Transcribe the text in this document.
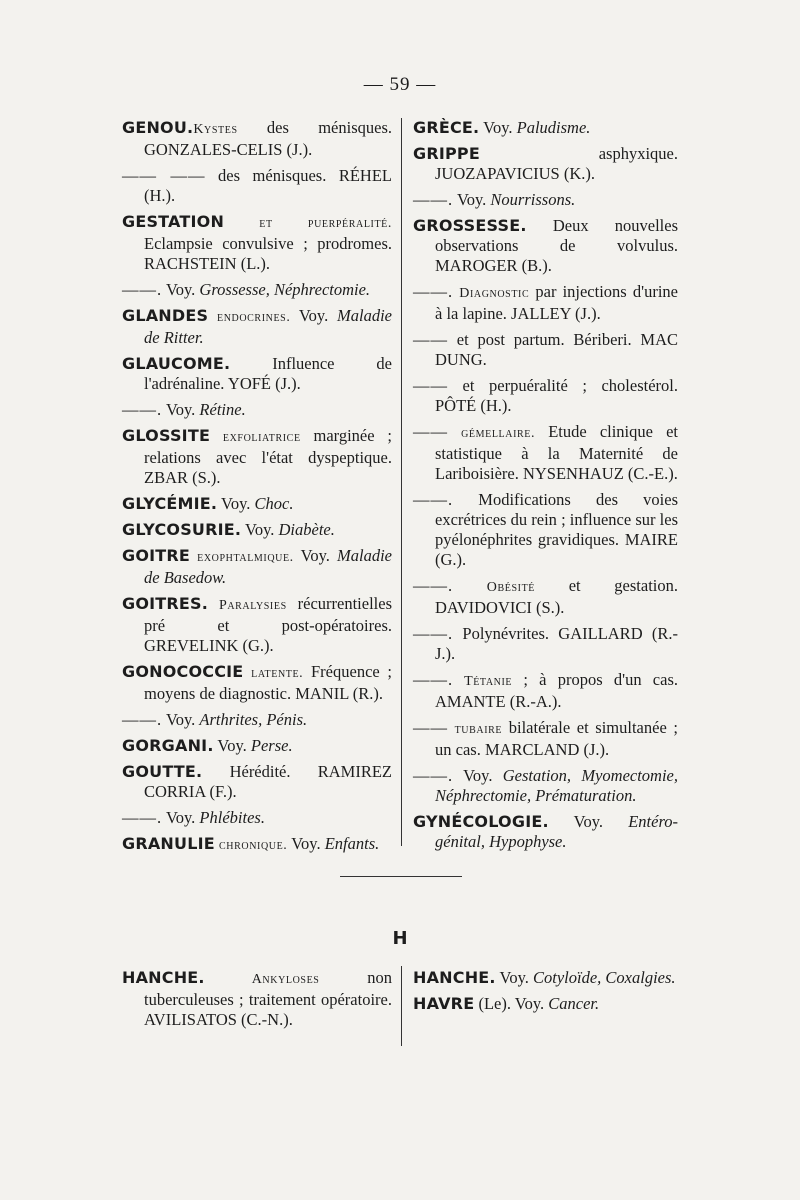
— 59 —
GENOU.Kystes des ménisques. GONZALES-CELIS (J.).
—— —— des ménisques. RÉHEL (H.).
GESTATION et puerpéralité. Eclampsie convulsive ; prodromes. RACHSTEIN (L.).
——. Voy. Grossesse, Néphrectomie.
GLANDES endocrines. Voy. Maladie de Ritter.
GLAUCOME. Influence de l'adrénaline. YOFÉ (J.).
——. Voy. Rétine.
GLOSSITE exfoliatrice marginée ; relations avec l'état dyspeptique. ZBAR (S.).
GLYCÉMIE. Voy. Choc.
GLYCOSURIE. Voy. Diabète.
GOITRE exophtalmique. Voy. Maladie de Basedow.
GOITRES. Paralysies récurrentielles pré et post-opératoires. GREVELINK (G.).
GONOCOCCIE latente. Fréquence ; moyens de diagnostic. MANIL (R.).
——. Voy. Arthrites, Pénis.
GORGANI. Voy. Perse.
GOUTTE. Hérédité. RAMIREZ CORRIA (F.).
——. Voy. Phlébites.
GRANULIE chronique. Voy. Enfants.
GRÈCE. Voy. Paludisme.
GRIPPE asphyxique. JUOZAPAVICIUS (K.).
——. Voy. Nourrissons.
GROSSESSE. Deux nouvelles observations de volvulus. MAROGER (B.).
——. Diagnostic par injections d'urine à la lapine. JALLEY (J.).
—— et post partum. Bériberi. MAC DUNG.
—— et perpuéralité ; cholestérol. PÔTÉ (H.).
—— gémellaire. Etude clinique et statistique à la Maternité de Lariboisière. NYSENHAUZ (C.-E.).
——. Modifications des voies excrétrices du rein ; influence sur les pyélonéphrites gravidiques. MAIRE (G.).
——. Obésité et gestation. DAVIDOVICI (S.).
——. Polynévrites. GAILLARD (R.-J.).
——. Tétanie ; à propos d'un cas. AMANTE (R.-A.).
—— tubaire bilatérale et simultanée ; un cas. MARCLAND (J.).
——. Voy. Gestation, Myomectomie, Néphrectomie, Prématuration.
GYNÉCOLOGIE. Voy. Entéro-génital, Hypophyse.
H
HANCHE. Ankyloses non tuberculeuses ; traitement opératoire. AVILISATOS (C.-N.).
HANCHE. Voy. Cotyloïde, Coxalgies.
HAVRE (Le). Voy. Cancer.
